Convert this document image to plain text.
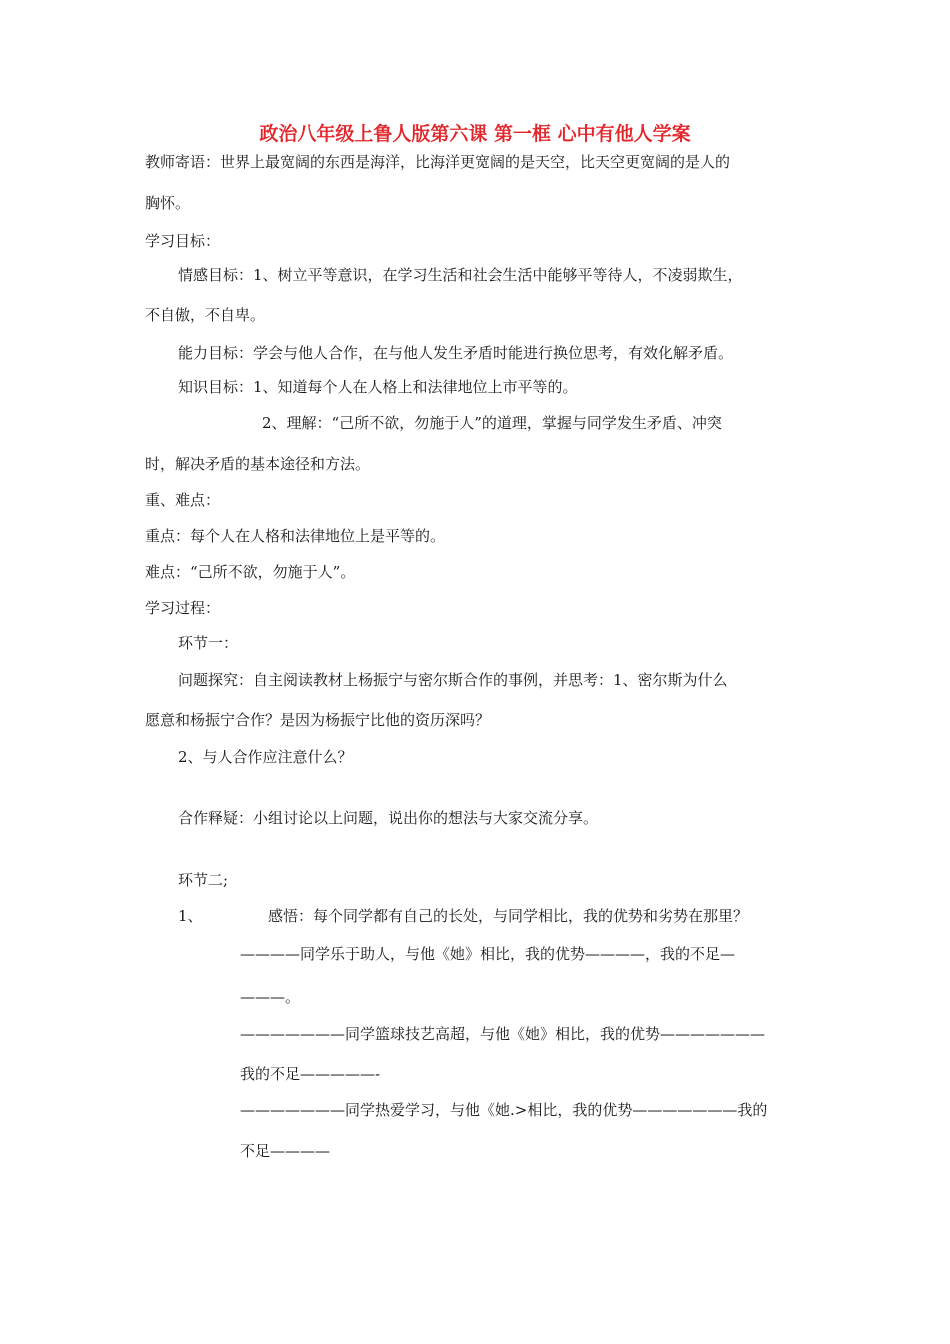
政治八年级上鲁人版第六课 第一框 心中有他人学案
教师寄语：世界上最宽阔的东西是海洋，比海洋更宽阔的是天空，比天空更宽阔的是人的
胸怀。
学习目标：
情感目标：1、树立平等意识，在学习生活和社会生活中能够平等待人，不凌弱欺生，
不自傲，不自卑。
能力目标：学会与他人合作，在与他人发生矛盾时能进行换位思考，有效化解矛盾。
知识目标：1、知道每个人在人格上和法律地位上市平等的。
2、理解：“己所不欲，勿施于人”的道理，掌握与同学发生矛盾、冲突
时，解决矛盾的基本途径和方法。
重、难点：
重点：每个人在人格和法律地位上是平等的。
难点：“己所不欲，勿施于人”。
学习过程：
环节一：
问题探究：自主阅读教材上杨振宁与密尔斯合作的事例，并思考：1、密尔斯为什么
愿意和杨振宁合作？是因为杨振宁比他的资历深吗？
2、与人合作应注意什么？
合作释疑：小组讨论以上问题，说出你的想法与大家交流分享。
环节二;
1、	感悟：每个同学都有自己的长处，与同学相比，我的优势和劣势在那里？
————同学乐于助人，与他《她》相比，我的优势————，我的不足—
———。
———————同学篮球技艺高超，与他《她》相比，我的优势———————
我的不足—————-
———————同学热爱学习，与他《她.>相比，我的优势———————我的
不足————
